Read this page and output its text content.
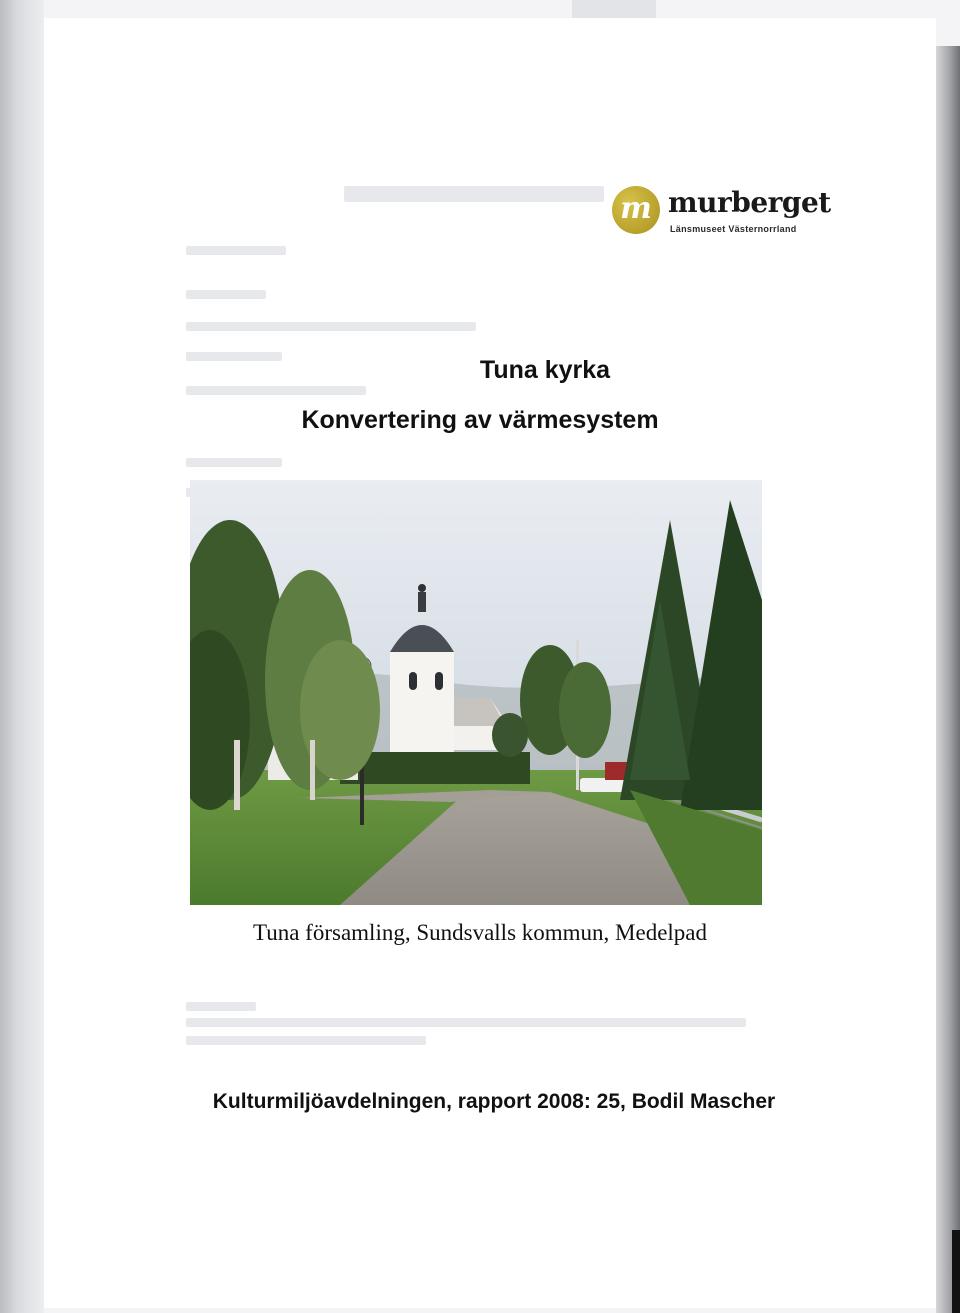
m murberget
Länsmuseet Västernorrland
Tuna kyrka
Konvertering av värmesystem
Tuna församling, Sundsvalls kommun, Medelpad
Kulturmiljöavdelningen, rapport 2008: 25, Bodil Mascher
